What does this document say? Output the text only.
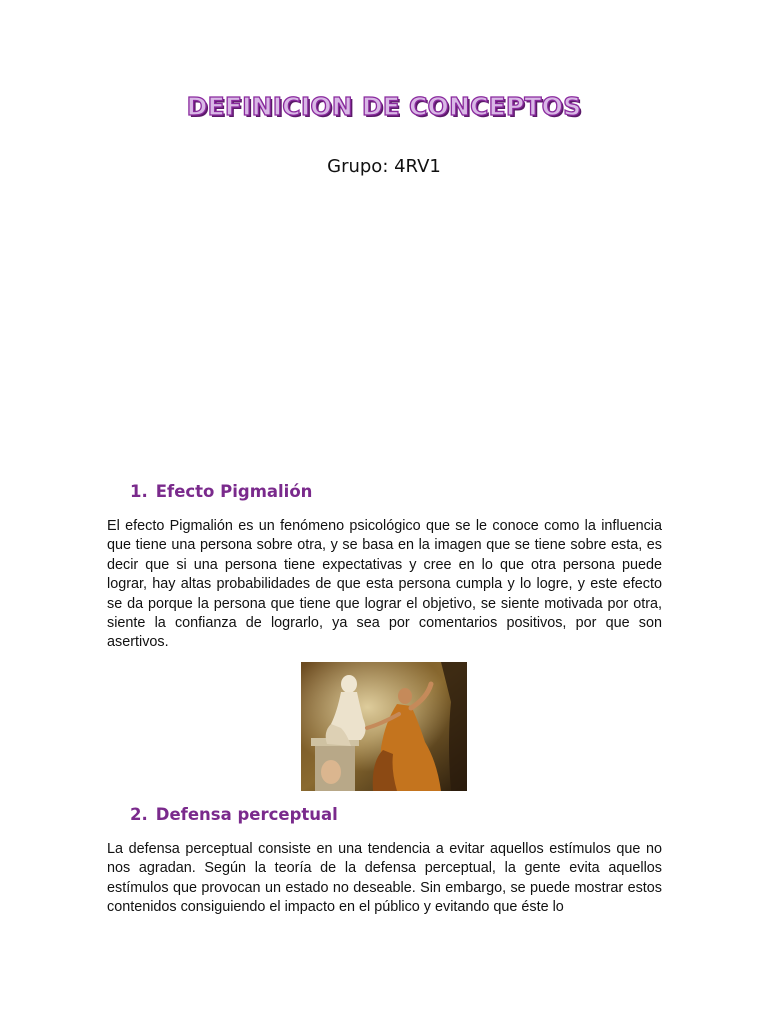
DEFINICION DE CONCEPTOS

Grupo: 4RV1

1. Efecto Pigmalión

El efecto Pigmalión es un fenómeno psicológico que se le conoce como la influencia que tiene una persona sobre otra, y se basa en la imagen que se tiene sobre esta, es decir que si una persona tiene expectativas y cree en lo que otra persona puede lograr, hay altas probabilidades de que esta persona cumpla y lo logre, y este efecto se da porque la persona que tiene que lograr el objetivo, se siente motivada por otra, siente la confianza de lograrlo, ya sea por comentarios positivos, por que son asertivos.

2. Defensa perceptual

La defensa perceptual consiste en una tendencia a evitar aquellos estímulos que no nos agradan. Según la teoría de la defensa perceptual, la gente evita aquellos estímulos que provocan un estado no deseable. Sin embargo, se puede mostrar estos contenidos consiguiendo el impacto en el público y evitando que éste lo
